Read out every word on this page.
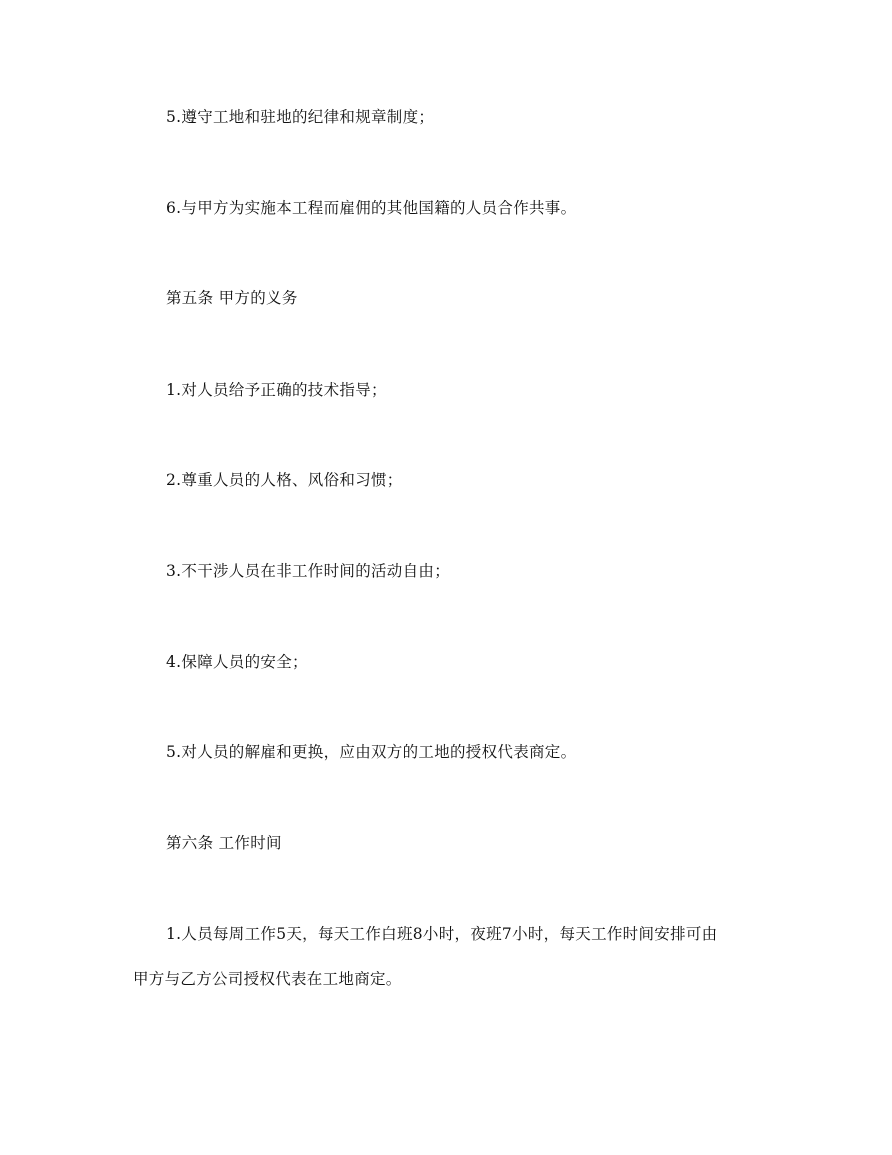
5.遵守工地和驻地的纪律和规章制度；
6.与甲方为实施本工程而雇佣的其他国籍的人员合作共事。
第五条 甲方的义务
1.对人员给予正确的技术指导；
2.尊重人员的人格、风俗和习惯；
3.不干涉人员在非工作时间的活动自由；
4.保障人员的安全；
5.对人员的解雇和更换，应由双方的工地的授权代表商定。
第六条 工作时间
1.人员每周工作5天，每天工作白班8小时，夜班7小时，每天工作时间安排可由
甲方与乙方公司授权代表在工地商定。
